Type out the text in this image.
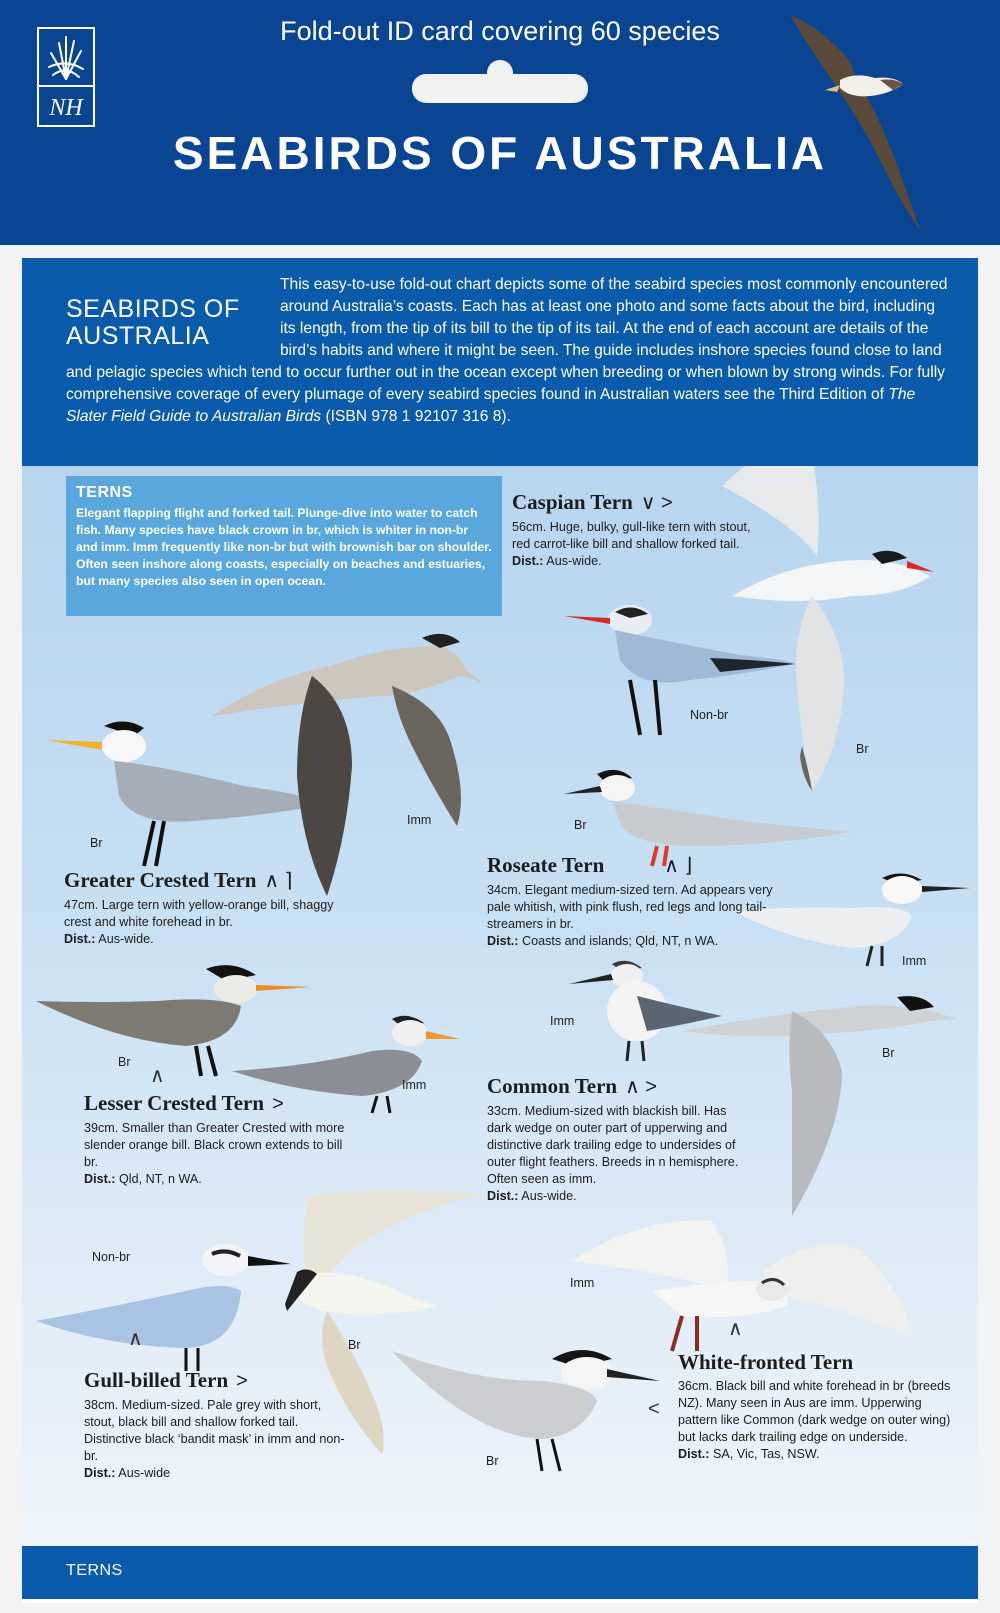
NH
Fold-out ID card covering 60 species
SEABIRDS OF AUSTRALIA
SEABIRDS OF
AUSTRALIA
This easy-to-use fold-out chart depicts some of the seabird species most commonly encountered around Australia’s coasts. Each has at least one photo and some facts about the bird, including its length, from the tip of its bill to the tip of its tail. At the end of each account are details of the bird’s habits and where it might be seen. The guide includes inshore species found close to land and pelagic species which tend to occur further out in the ocean except when breeding or when blown by strong winds. For fully comprehensive coverage of every plumage of every seabird species found in Australian waters see the Third Edition of The Slater Field Guide to Australian Birds (ISBN 978 1 92107 316 8).
TERNS

Elegant flapping flight and forked tail. Plunge-dive into water to catch fish. Many species have black crown in br, which is whiter in non-br and imm. Imm frequently like non-br but with brownish bar on shoulder.

Often seen inshore along coasts, especially on beaches and estuaries, but many species also seen in open ocean.

Br
Non-br
Caspian Tern ∨ >
56cm. Huge, bulky, gull-like tern with stout, red carrot-like bill and shallow forked tail.
Dist.: Aus-wide.
Br
Imm
Greater Crested Tern ∧ ⌉
47cm. Large tern with yellow-orange bill, shaggy crest and white forehead in br.
Dist.: Aus-wide.
Br
Imm
Roseate Tern	∧ ⌋
34cm. Elegant medium-sized tern. Ad appears very pale whitish, with pink flush, red legs and long tail-streamers in br.
Dist.: Coasts and islands; Qld, NT, n WA.
Br
∧	Imm
Lesser Crested Tern >
39cm. Smaller than Greater Crested with more slender orange bill. Black crown extends to bill br.
Dist.: Qld, NT, n WA.
Imm
Br
Common Tern ∧ >
33cm. Medium-sized with blackish bill. Has dark wedge on outer part of upperwing and distinctive dark trailing edge to undersides of outer flight feathers. Breeds in n hemisphere. Often seen as imm.
Dist.: Aus-wide.
Non-br
∧	Br
Gull-billed Tern >
38cm. Medium-sized. Pale grey with short, stout, black bill and shallow forked tail. Distinctive black ‘bandit mask’ in imm and non-br.
Dist.: Aus-wide
Imm
∧
Br
<
White-fronted Tern
36cm. Black bill and white forehead in br (breeds NZ). Many seen in Aus are imm. Upperwing pattern like Common (dark wedge on outer wing) but lacks dark trailing edge on underside.
Dist.: SA, Vic, Tas, NSW.
TERNS
